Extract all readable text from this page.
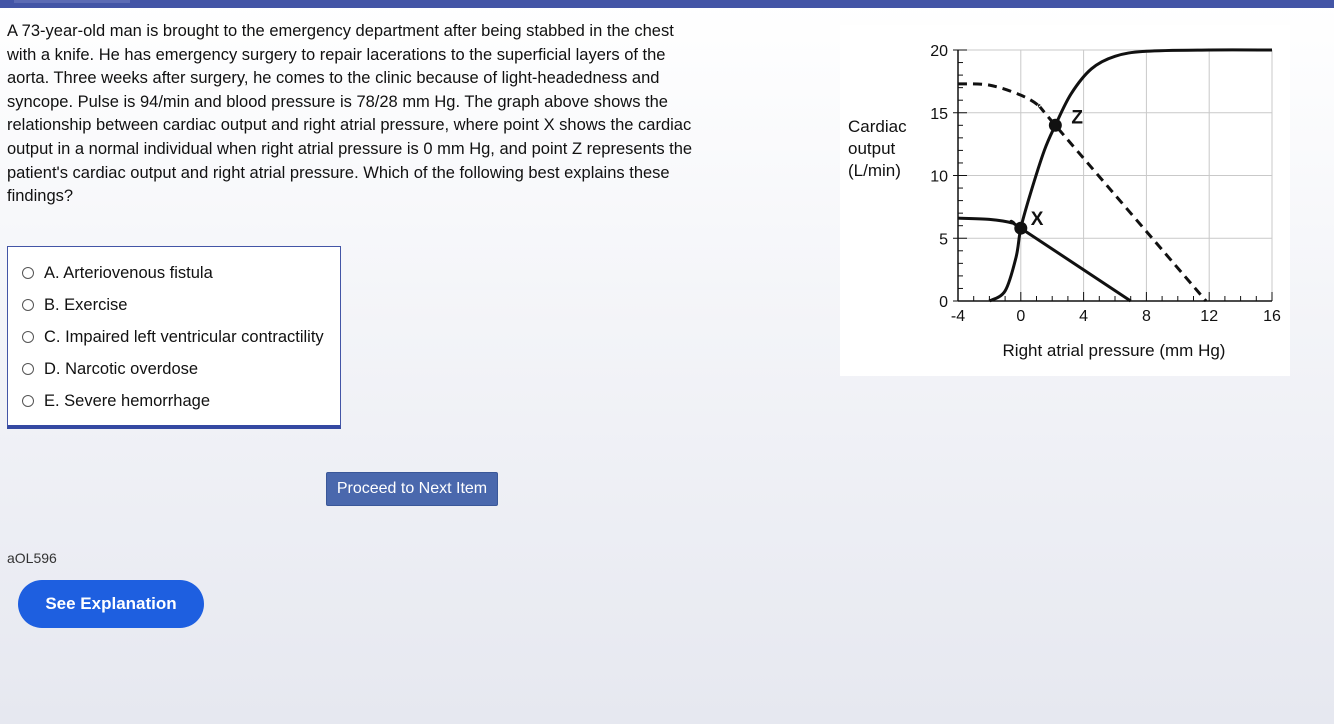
A 73-year-old man is brought to the emergency department after being stabbed in the chest with a knife. He has emergency surgery to repair lacerations to the superficial layers of the aorta. Three weeks after surgery, he comes to the clinic because of light-headedness and syncope. Pulse is 94/min and blood pressure is 78/28 mm Hg. The graph above shows the relationship between cardiac output and right atrial pressure, where point X shows the cardiac output in a normal individual when right atrial pressure is 0 mm Hg, and point Z represents the patient's cardiac output and right atrial pressure. Which of the following best explains these findings?
A. Arteriovenous fistula
B. Exercise
C. Impaired left ventricular contractility
D. Narcotic overdose
E. Severe hemorrhage
Proceed to Next Item
aOL596
See Explanation
Cardiac
output
(L/min)
Right atrial pressure (mm Hg)
-4	0	4	8	12	16
0
5
10
15
20
X
Z
